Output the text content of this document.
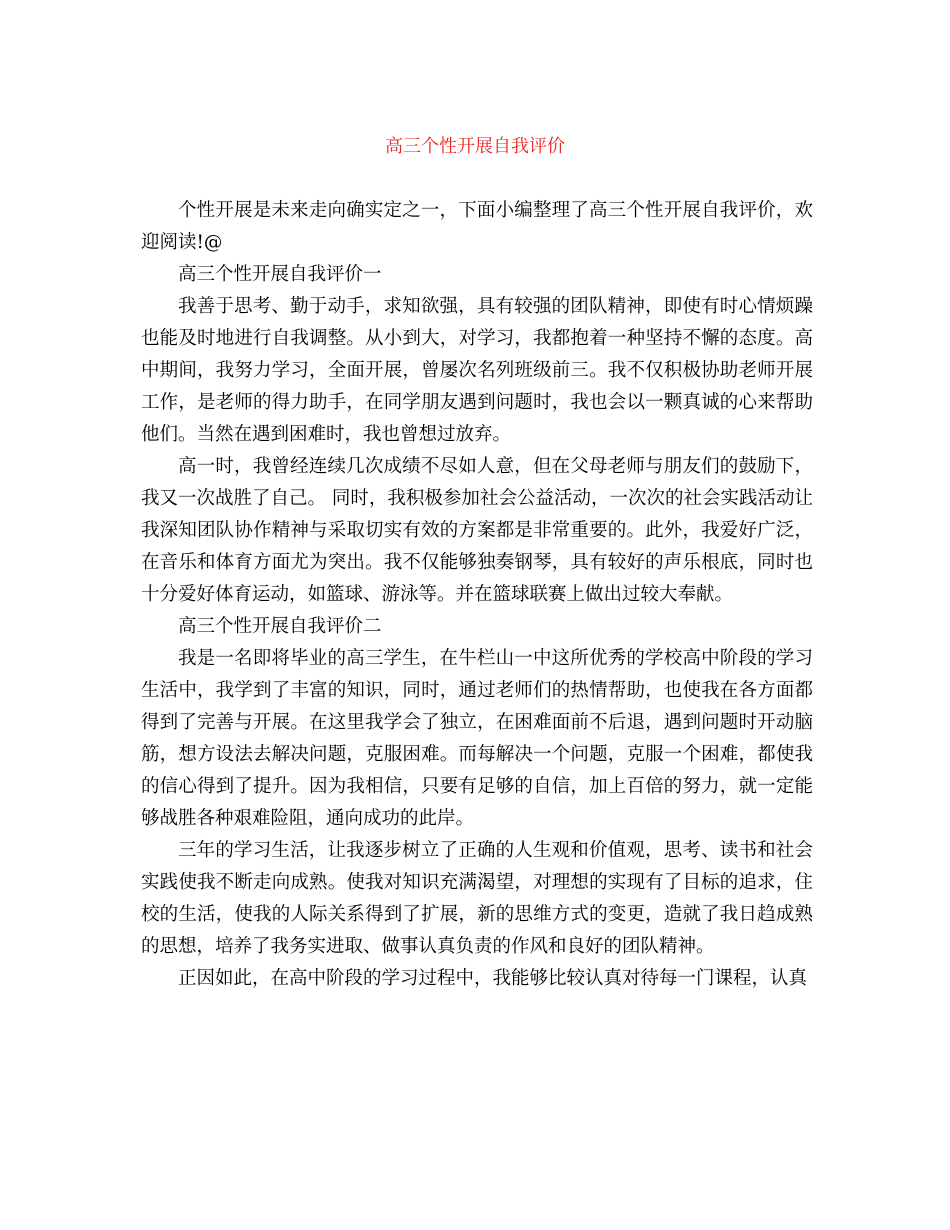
高三个性开展自我评价

个性开展是未来走向确实定之一，下面小编整理了高三个性开展自我评价，欢迎阅读!@

高三个性开展自我评价一

我善于思考、勤于动手，求知欲强，具有较强的团队精神，即使有时心情烦躁也能及时地进行自我调整。从小到大，对学习，我都抱着一种坚持不懈的态度。高中期间，我努力学习，全面开展，曾屡次名列班级前三。我不仅积极协助老师开展工作，是老师的得力助手，在同学朋友遇到问题时，我也会以一颗真诚的心来帮助他们。当然在遇到困难时，我也曾想过放弃。

高一时，我曾经连续几次成绩不尽如人意，但在父母老师与朋友们的鼓励下，我又一次战胜了自己。 同时，我积极参加社会公益活动，一次次的社会实践活动让我深知团队协作精神与采取切实有效的方案都是非常重要的。此外，我爱好广泛，在音乐和体育方面尤为突出。我不仅能够独奏钢琴，具有较好的声乐根底，同时也十分爱好体育运动，如篮球、游泳等。并在篮球联赛上做出过较大奉献。

高三个性开展自我评价二

我是一名即将毕业的高三学生，在牛栏山一中这所优秀的学校高中阶段的学习生活中，我学到了丰富的知识，同时，通过老师们的热情帮助，也使我在各方面都得到了完善与开展。在这里我学会了独立，在困难面前不后退，遇到问题时开动脑筋，想方设法去解决问题，克服困难。而每解决一个问题，克服一个困难，都使我的信心得到了提升。因为我相信，只要有足够的自信，加上百倍的努力，就一定能够战胜各种艰难险阻，通向成功的此岸。

三年的学习生活，让我逐步树立了正确的人生观和价值观，思考、读书和社会实践使我不断走向成熟。使我对知识充满渴望，对理想的实现有了目标的追求，住校的生活，使我的人际关系得到了扩展，新的思维方式的变更，造就了我日趋成熟的思想，培养了我务实进取、做事认真负责的作风和良好的团队精神。

正因如此，在高中阶段的学习过程中，我能够比较认真对待每一门课程，认真
